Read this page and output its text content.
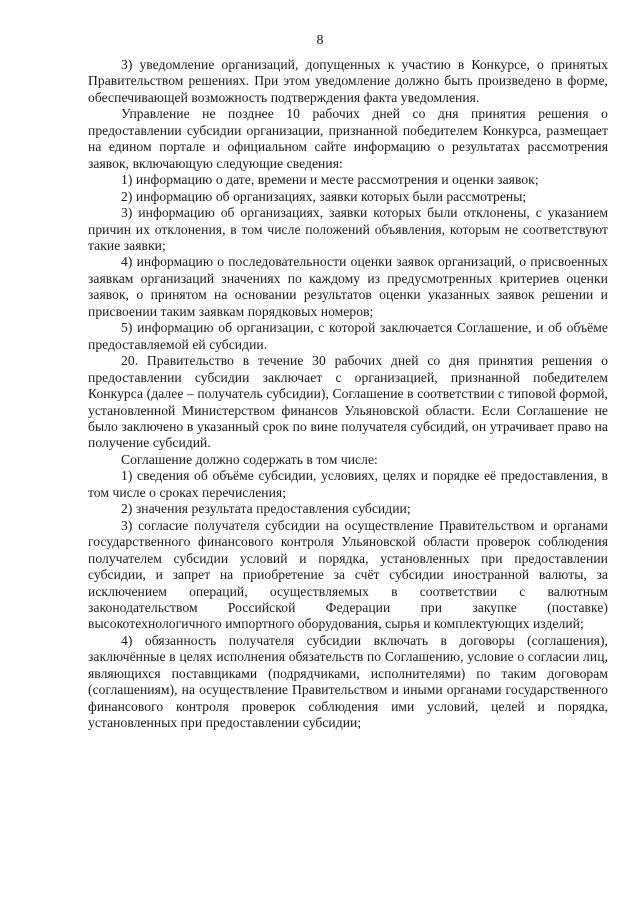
8

3) уведомление организаций, допущенных к участию в Конкурсе, о принятых Правительством решениях. При этом уведомление должно быть произведено в форме, обеспечивающей возможность подтверждения факта уведомления.

Управление не позднее 10 рабочих дней со дня принятия решения о предоставлении субсидии организации, признанной победителем Конкурса, размещает на едином портале и официальном сайте информацию о результатах рассмотрения заявок, включающую следующие сведения:

1) информацию о дате, времени и месте рассмотрения и оценки заявок;

2) информацию об организациях, заявки которых были рассмотрены;

3) информацию об организациях, заявки которых были отклонены, с указанием причин их отклонения, в том числе положений объявления, которым не соответствуют такие заявки;

4) информацию о последовательности оценки заявок организаций, о присвоенных заявкам организаций значениях по каждому из предусмотренных критериев оценки заявок, о принятом на основании результатов оценки указанных заявок решении и присвоении таким заявкам порядковых номеров;

5) информацию об организации, с которой заключается Соглашение, и об объёме предоставляемой ей субсидии.

20. Правительство в течение 30 рабочих дней со дня принятия решения о предоставлении субсидии заключает с организацией, признанной победителем Конкурса (далее – получатель субсидии), Соглашение в соответствии с типовой формой, установленной Министерством финансов Ульяновской области. Если Соглашение не было заключено в указанный срок по вине получателя субсидий, он утрачивает право на получение субсидий.

Соглашение должно содержать в том числе:

1) сведения об объёме субсидии, условиях, целях и порядке её предоставления, в том числе о сроках перечисления;

2) значения результата предоставления субсидии;

3) согласие получателя субсидии на осуществление Правительством и органами государственного финансового контроля Ульяновской области проверок соблюдения получателем субсидии условий и порядка, установленных при предоставлении субсидии, и запрет на приобретение за счёт субсидии иностранной валюты, за исключением операций, осуществляемых в соответствии с валютным законодательством Российской Федерации при закупке (поставке) высокотехнологичного импортного оборудования, сырья и комплектующих изделий;

4) обязанность получателя субсидии включать в договоры (соглашения), заключённые в целях исполнения обязательств по Соглашению, условие о согласии лиц, являющихся поставщиками (подрядчиками, исполнителями) по таким договорам (соглашениям), на осуществление Правительством и иными органами государственного финансового контроля проверок соблюдения ими условий, целей и порядка, установленных при предоставлении субсидии;
